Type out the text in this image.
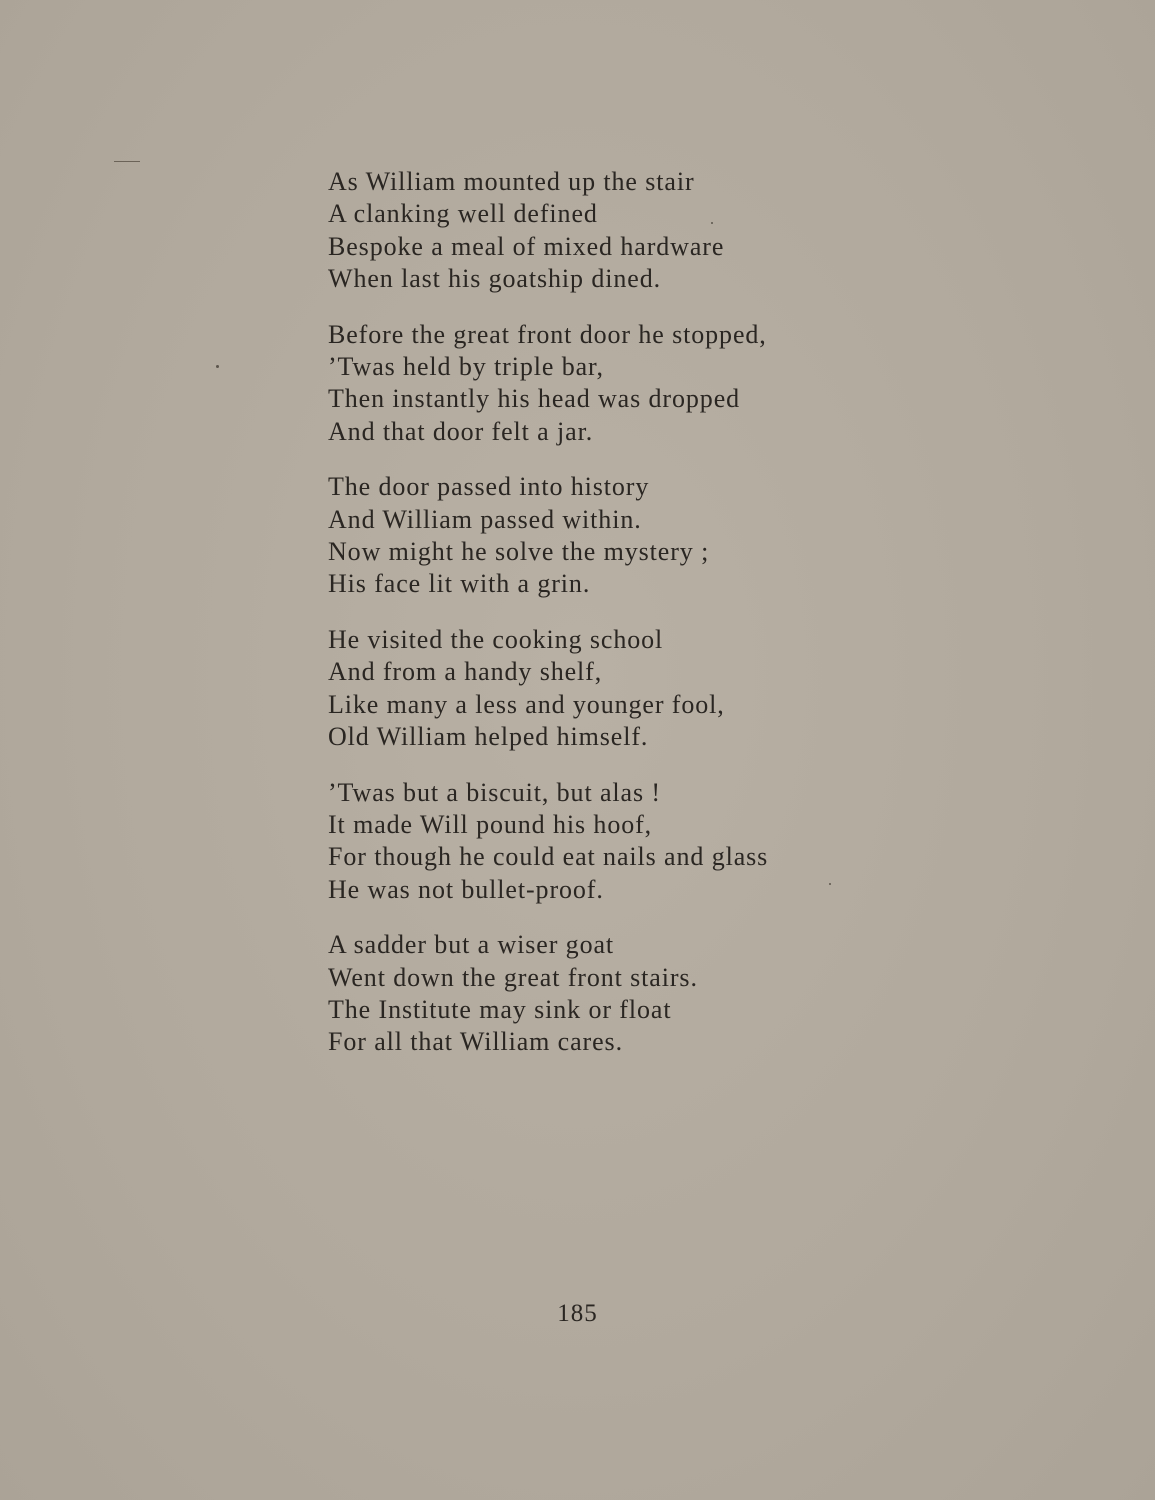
As William mounted up the stair
A clanking well defined
Bespoke a meal of mixed hardware
When last his goatship dined.
Before the great front door he stopped,
’Twas held by triple bar,
Then instantly his head was dropped
And that door felt a jar.
The door passed into history
And William passed within.
Now might he solve the mystery ;
His face lit with a grin.
He visited the cooking school
And from a handy shelf,
Like many a less and younger fool,
Old William helped himself.
’Twas but a biscuit, but alas !
It made Will pound his hoof,
For though he could eat nails and glass
He was not bullet-proof.
A sadder but a wiser goat
Went down the great front stairs.
The Institute may sink or float
For all that William cares.
185
